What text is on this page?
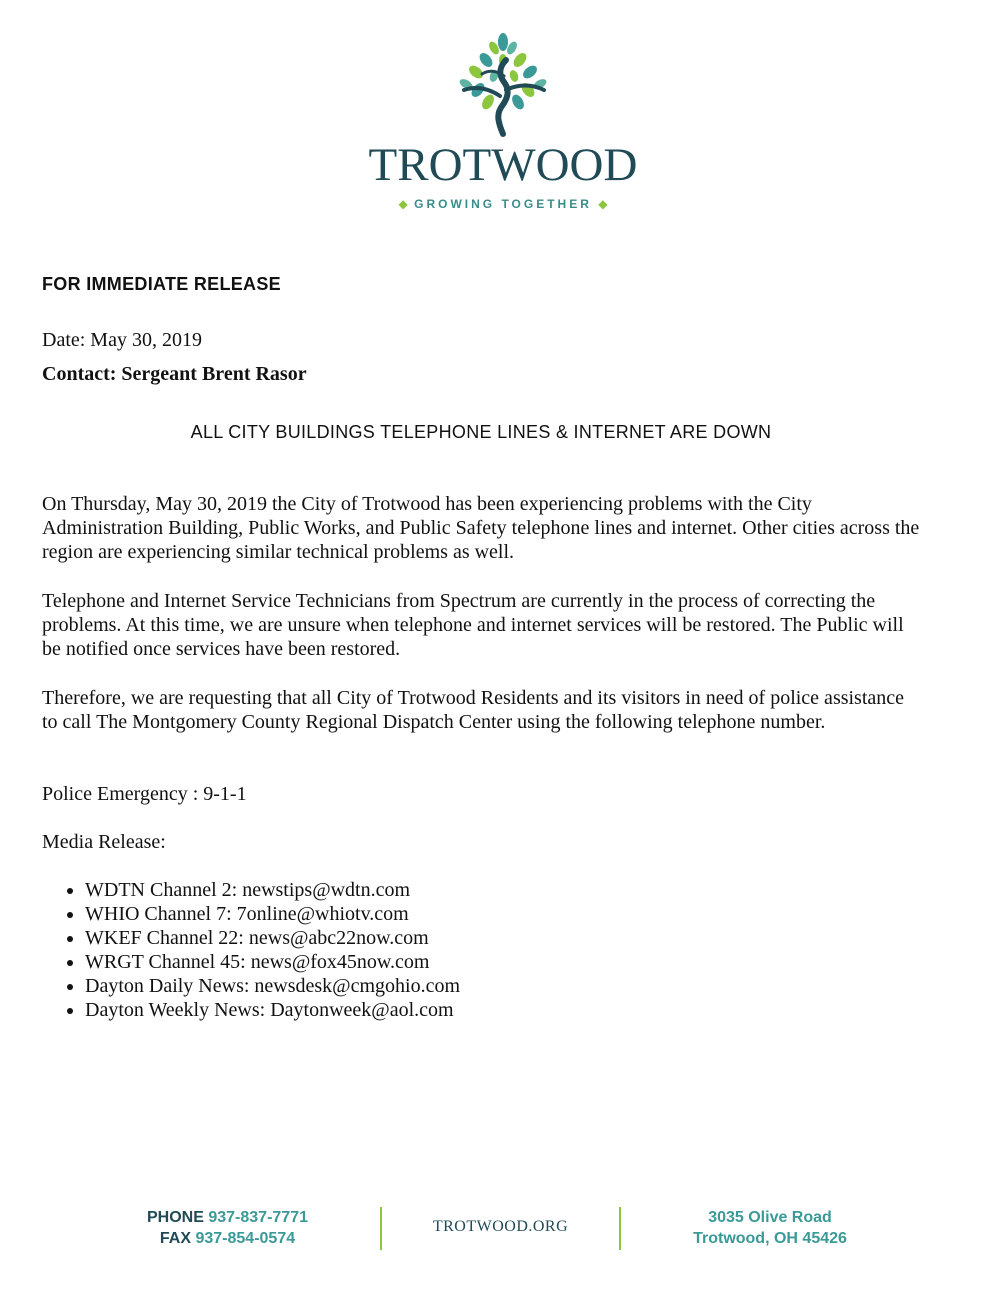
TROTWOOD
◆ GROWING TOGETHER ◆
FOR IMMEDIATE RELEASE
Date: May 30, 2019
Contact: Sergeant Brent Rasor
ALL CITY BUILDINGS TELEPHONE LINES & INTERNET ARE DOWN
On Thursday, May 30, 2019 the City of Trotwood has been experiencing problems with the City Administration Building, Public Works, and Public Safety telephone lines and internet. Other cities across the region are experiencing similar technical problems as well.
Telephone and Internet Service Technicians from Spectrum are currently in the process of correcting the problems. At this time, we are unsure when telephone and internet services will be restored. The Public will be notified once services have been restored.
Therefore, we are requesting that all City of Trotwood Residents and its visitors in need of police assistance to call The Montgomery County Regional Dispatch Center using the following telephone number.
Police Emergency : 9-1-1
Media Release:
• WDTN Channel 2: newstips@wdtn.com
• WHIO Channel 7: 7online@whiotv.com
• WKEF Channel 22: news@abc22now.com
• WRGT Channel 45: news@fox45now.com
• Dayton Daily News: newsdesk@cmgohio.com
• Dayton Weekly News: Daytonweek@aol.com
PHONE 937-837-7771
FAX 937-854-0574
TROTWOOD.ORG
3035 Olive Road
Trotwood, OH 45426
